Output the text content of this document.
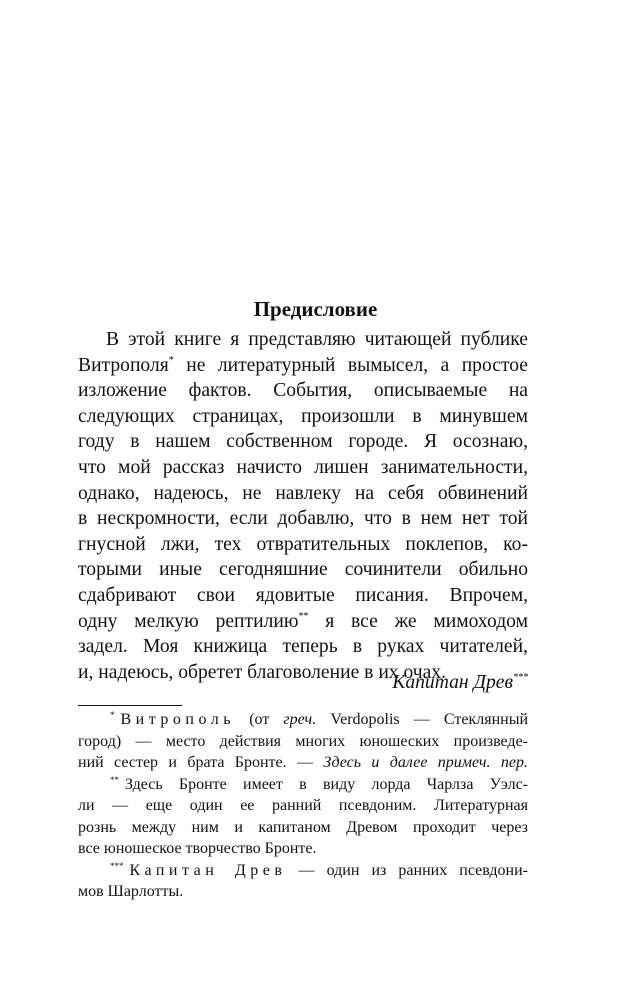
Предисловие
В этой книге я представляю читающей публике
Витрополя* не литературный вымысел, а простое
изложение фактов. События, описываемые на
следующих страницах, произошли в минувшем
году в нашем собственном городе. Я осознаю,
что мой рассказ начисто лишен занимательности,
однако, надеюсь, не навлеку на себя обвинений
в нескромности, если добавлю, что в нем нет той
гнусной лжи, тех отвратительных поклепов, ко-
торыми иные сегодняшние сочинители обильно
сдабривают свои ядовитые писания. Впрочем,
одну мелкую рептилию** я все же мимоходом
задел. Моя книжица теперь в руках читателей,
и, надеюсь, обретет благоволение в их очах.
Капитан Древ***
* Витрополь (от греч. Verdopolis — Стеклянный
город) — место действия многих юношеских произведе-
ний сестер и брата Бронте. — Здесь и далее примеч. пер.
** Здесь Бронте имеет в виду лорда Чарлза Уэлс-
ли — еще один ее ранний псевдоним. Литературная
рознь между ним и капитаном Древом проходит через
все юношеское творчество Бронте.
*** Капитан Древ — один из ранних псевдони-
мов Шарлотты.
